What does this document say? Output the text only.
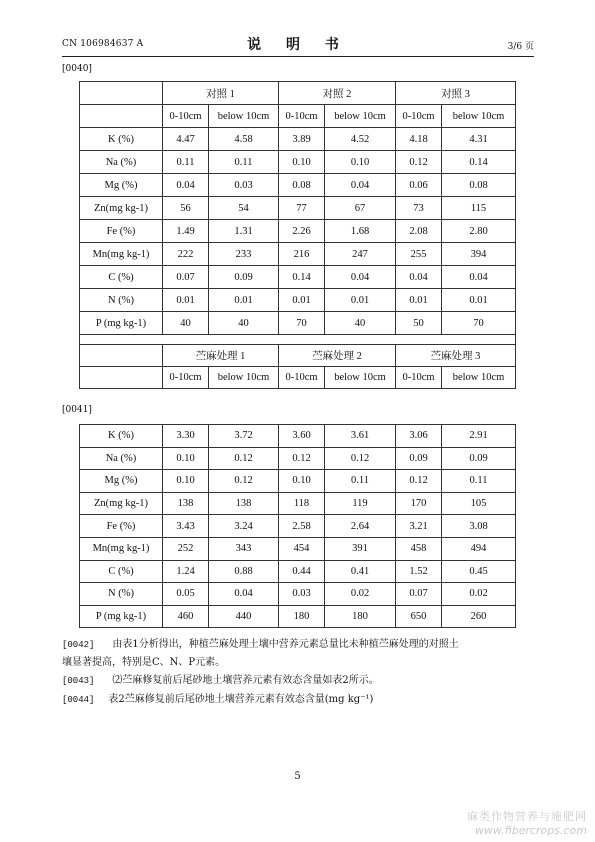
CN 106984637 A	说 明 书	3/6 页
[0040]
	对照 1		对照 2		对照 3	
	0-10cm	below 10cm	0-10cm	below 10cm	0-10cm	below 10cm
K (%)	4.47	4.58	3.89	4.52	4.18	4.31
Na (%)	0.11	0.11	0.10	0.10	0.12	0.14
Mg (%)	0.04	0.03	0.08	0.04	0.06	0.08
Zn(mg kg-1)	56	54	77	67	73	115
Fe (%)	1.49	1.31	2.26	1.68	2.08	2.80
Mn(mg kg-1)	222	233	216	247	255	394
C (%)	0.07	0.09	0.14	0.04	0.04	0.04
N (%)	0.01	0.01	0.01	0.01	0.01	0.01
P (mg kg-1)	40	40	70	40	50	70

	苎麻处理 1		苎麻处理 2		苎麻处理 3	
	0-10cm	below 10cm	0-10cm	below 10cm	0-10cm	below 10cm
[0041]
K (%)	3.30	3.72	3.60	3.61	3.06	2.91
Na (%)	0.10	0.12	0.12	0.12	0.09	0.09
Mg (%)	0.10	0.12	0.10	0.11	0.12	0.11
Zn(mg kg-1)	138	138	118	119	170	105
Fe (%)	3.43	3.24	2.58	2.64	3.21	3.08
Mn(mg kg-1)	252	343	454	391	458	494
C (%)	1.24	0.88	0.44	0.41	1.52	0.45
N (%)	0.05	0.04	0.03	0.02	0.07	0.02
P (mg kg-1)	460	440	180	180	650	260
[0042] 由表1分析得出，种植苎麻处理土壤中营养元素总量比未种植苎麻处理的对照土
壤显著提高，特别是C、N、P元素。
[0043] ⑵苎麻修复前后尾砂地土壤营养元素有效态含量如表2所示。
[0044] 表2苎麻修复前后尾砂地土壤营养元素有效态含量(mg kg⁻¹)
5
麻类作物营养与施肥网
www.fibercrops.com
